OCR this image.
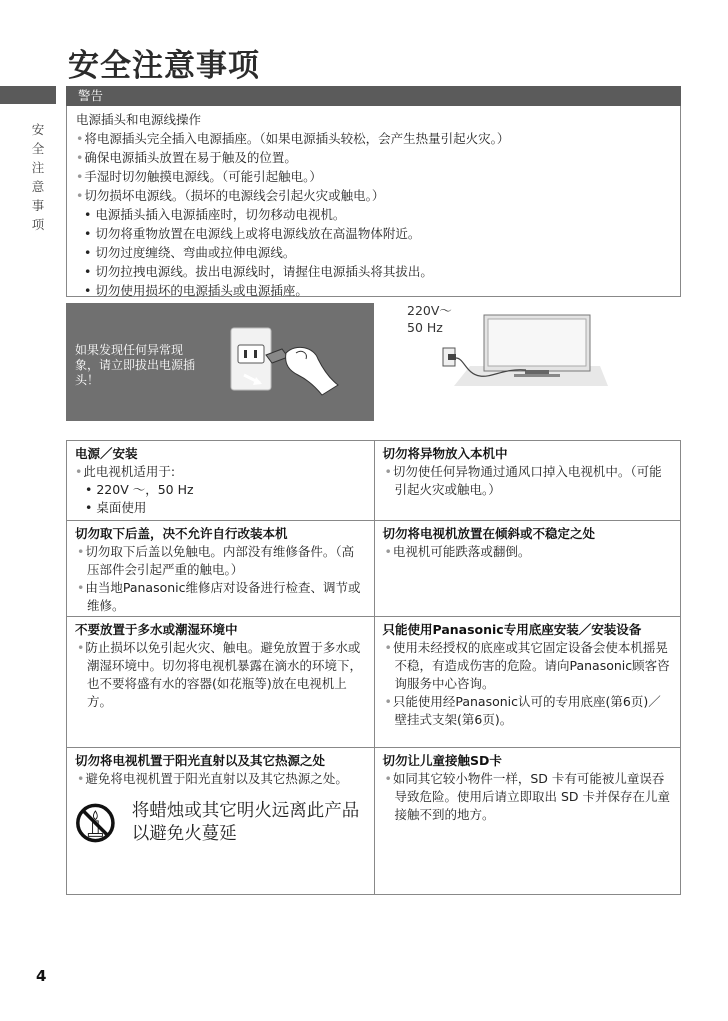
安全注意事项
安
全
注
意
事
项
警告
电源插头和电源线操作
•将电源插头完全插入电源插座。（如果电源插头较松，会产生热量引起火灾。）
•确保电源插头放置在易于触及的位置。
•手湿时切勿触摸电源线。（可能引起触电。）
•切勿损坏电源线。（损坏的电源线会引起火灾或触电。）
• 电源插头插入电源插座时，切勿移动电视机。
• 切勿将重物放置在电源线上或将电源线放在高温物体附近。
• 切勿过度缠绕、弯曲或拉伸电源线。
• 切勿拉拽电源线。拔出电源线时，请握住电源插头将其拔出。
• 切勿使用损坏的电源插头或电源插座。
如果发现任何异常现象，请立即拔出电源插头！
220V～
50 Hz
电源／安装
•此电视机适用于:
• 220V ～，50 Hz
• 桌面使用
切勿将异物放入本机中
•切勿使任何异物通过通风口掉入电视机中。（可能引起火灾或触电。）
切勿取下后盖，决不允许自行改装本机
•切勿取下后盖以免触电。内部没有维修备件。（高压部件会引起严重的触电。）
•由当地Panasonic维修店对设备进行检查、调节或维修。
切勿将电视机放置在倾斜或不稳定之处
•电视机可能跌落或翻倒。
不要放置于多水或潮湿环境中
•防止损坏以免引起火灾、触电。避免放置于多水或潮湿环境中。切勿将电视机暴露在滴水的环境下，也不要将盛有水的容器(如花瓶等)放在电视机上方。
只能使用Panasonic专用底座安装／安装设备
•使用未经授权的底座或其它固定设备会使本机摇晃不稳，有造成伤害的危险。请向Panasonic顾客咨询服务中心咨询。
•只能使用经Panasonic认可的专用底座(第6页)／壁挂式支架(第6页)。
切勿将电视机置于阳光直射以及其它热源之处
•避免将电视机置于阳光直射以及其它热源之处。
将蜡烛或其它明火远离此产品以避免火蔓延
切勿让儿童接触SD卡
•如同其它较小物件一样，SD 卡有可能被儿童误吞导致危险。使用后请立即取出 SD 卡并保存在儿童接触不到的地方。
4
